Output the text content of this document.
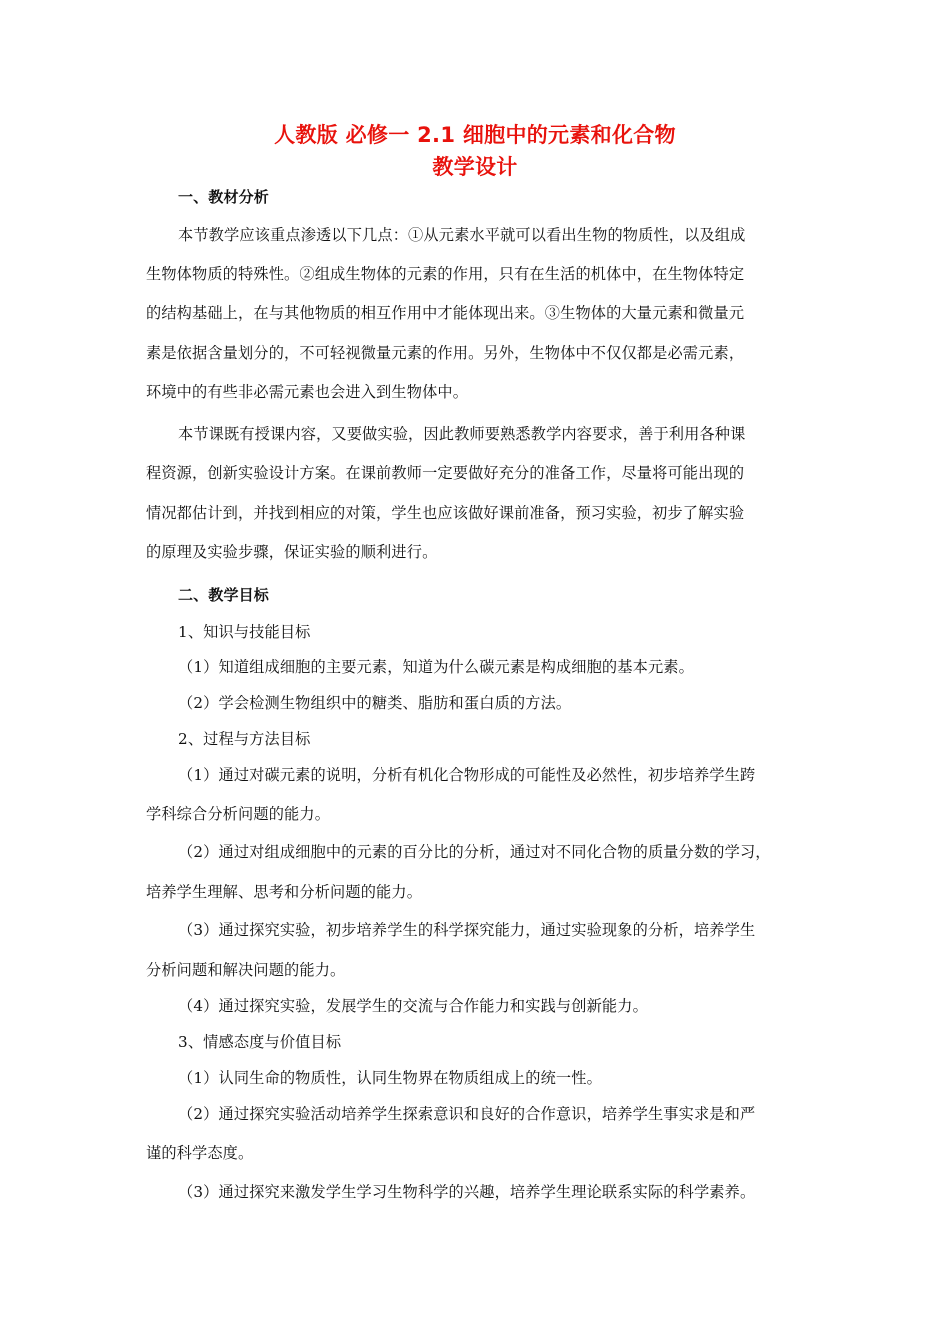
人教版 必修一 2.1 细胞中的元素和化合物
教学设计
一、教材分析
本节教学应该重点渗透以下几点：①从元素水平就可以看出生物的物质性，以及组成
生物体物质的特殊性。②组成生物体的元素的作用，只有在生活的机体中，在生物体特定
的结构基础上，在与其他物质的相互作用中才能体现出来。③生物体的大量元素和微量元
素是依据含量划分的，不可轻视微量元素的作用。另外，生物体中不仅仅都是必需元素，
环境中的有些非必需元素也会进入到生物体中。
本节课既有授课内容，又要做实验，因此教师要熟悉教学内容要求，善于利用各种课
程资源，创新实验设计方案。在课前教师一定要做好充分的准备工作，尽量将可能出现的
情况都估计到，并找到相应的对策，学生也应该做好课前准备，预习实验，初步了解实验
的原理及实验步骤，保证实验的顺利进行。
二、教学目标
1、知识与技能目标
（1）知道组成细胞的主要元素，知道为什么碳元素是构成细胞的基本元素。
（2）学会检测生物组织中的糖类、脂肪和蛋白质的方法。
2、过程与方法目标
（1）通过对碳元素的说明，分析有机化合物形成的可能性及必然性，初步培养学生跨
学科综合分析问题的能力。
（2）通过对组成细胞中的元素的百分比的分析，通过对不同化合物的质量分数的学习，
培养学生理解、思考和分析问题的能力。
（3）通过探究实验，初步培养学生的科学探究能力，通过实验现象的分析，培养学生
分析问题和解决问题的能力。
（4）通过探究实验，发展学生的交流与合作能力和实践与创新能力。
3、情感态度与价值目标
（1）认同生命的物质性，认同生物界在物质组成上的统一性。
（2）通过探究实验活动培养学生探索意识和良好的合作意识，培养学生事实求是和严
谨的科学态度。
（3）通过探究来激发学生学习生物科学的兴趣，培养学生理论联系实际的科学素养。
